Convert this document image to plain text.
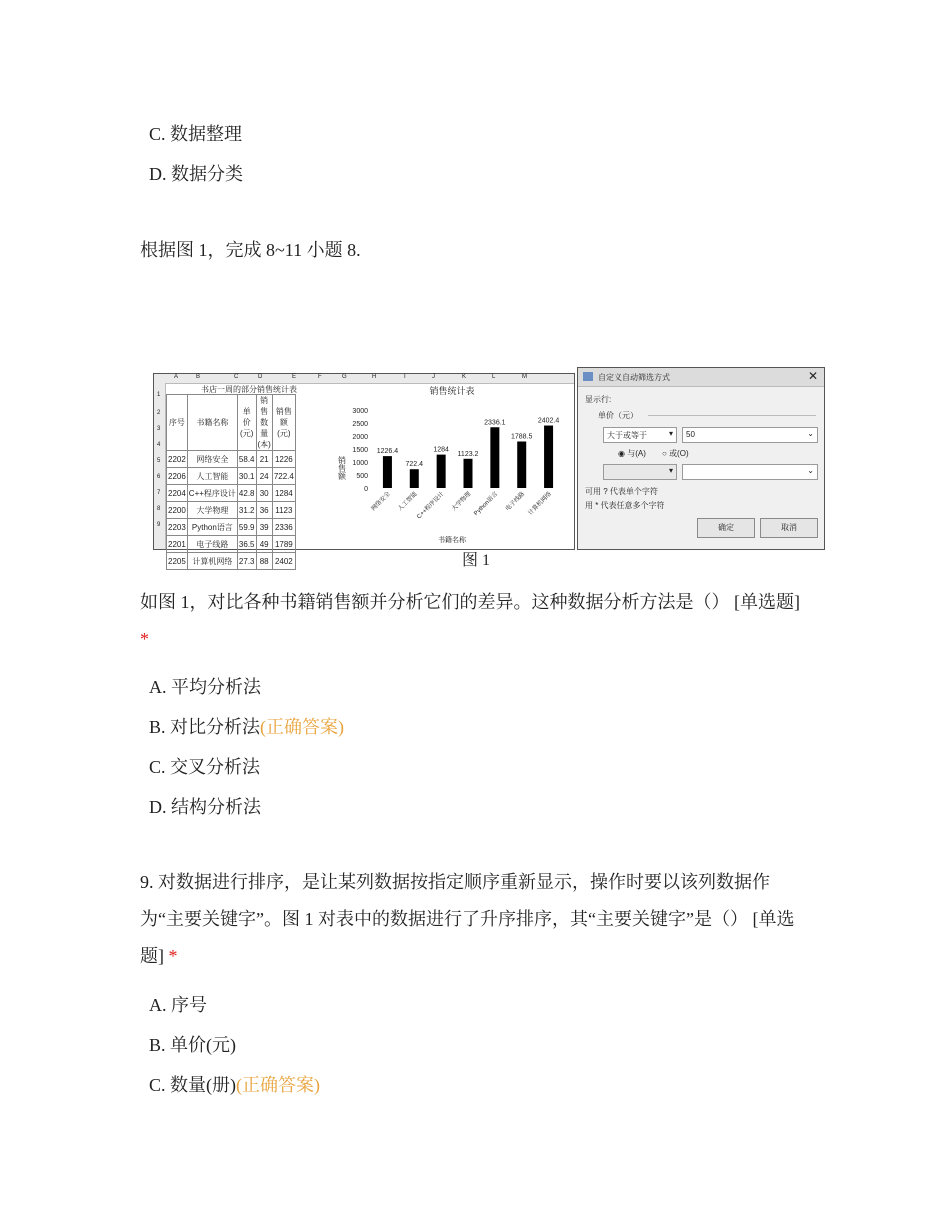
C. 数据整理
D. 数据分类
根据图 1，完成 8~11 小题 8.
A	B	C	D	E	F	G	H	I	J	K	L	M
1
2
3
4
5
6
7
8
9
书店一周的部分销售统计表
序号	书籍名称	单价(元)	销售数量(本)	销售额(元)
2202	网络安全	58.4	21	1226
2206	人工智能	30.1	24	722.4
2204	C++程序设计	42.8	30	1284
2200	大学物理	31.2	36	1123
2203	Python语言	59.9	39	2336
2201	电子线路	36.5	49	1789
2205	计算机网络	27.3	88	2402
销售统计表
销售额
书籍名称
3000
2500
2000
1500
1000
500
0
1226.4
网络安全
722.4
人工智能
1284
C++程序设计
1123.2
大学物理
2336.1
Python语言
1788.5
电子线路
2402.4
计算机网络
自定义自动筛选方式	✕
显示行:
单价（元）
大于或等于	▾ 50	⌄
◉ 与(A) ○ 或(O)
▾	⌄
可用 ? 代表单个字符
用 * 代表任意多个字符
确定	取消
图 1
如图 1，对比各种书籍销售额并分析它们的差异。这种数据分析方法是（） [单选题] *
A. 平均分析法
B. 对比分析法(正确答案)
C. 交叉分析法
D. 结构分析法
9. 对数据进行排序，是让某列数据按指定顺序重新显示，操作时要以该列数据作为“主要关键字”。图 1 对表中的数据进行了升序排序，其“主要关键字”是（） [单选题] *
A. 序号
B. 单价(元)
C. 数量(册)(正确答案)
